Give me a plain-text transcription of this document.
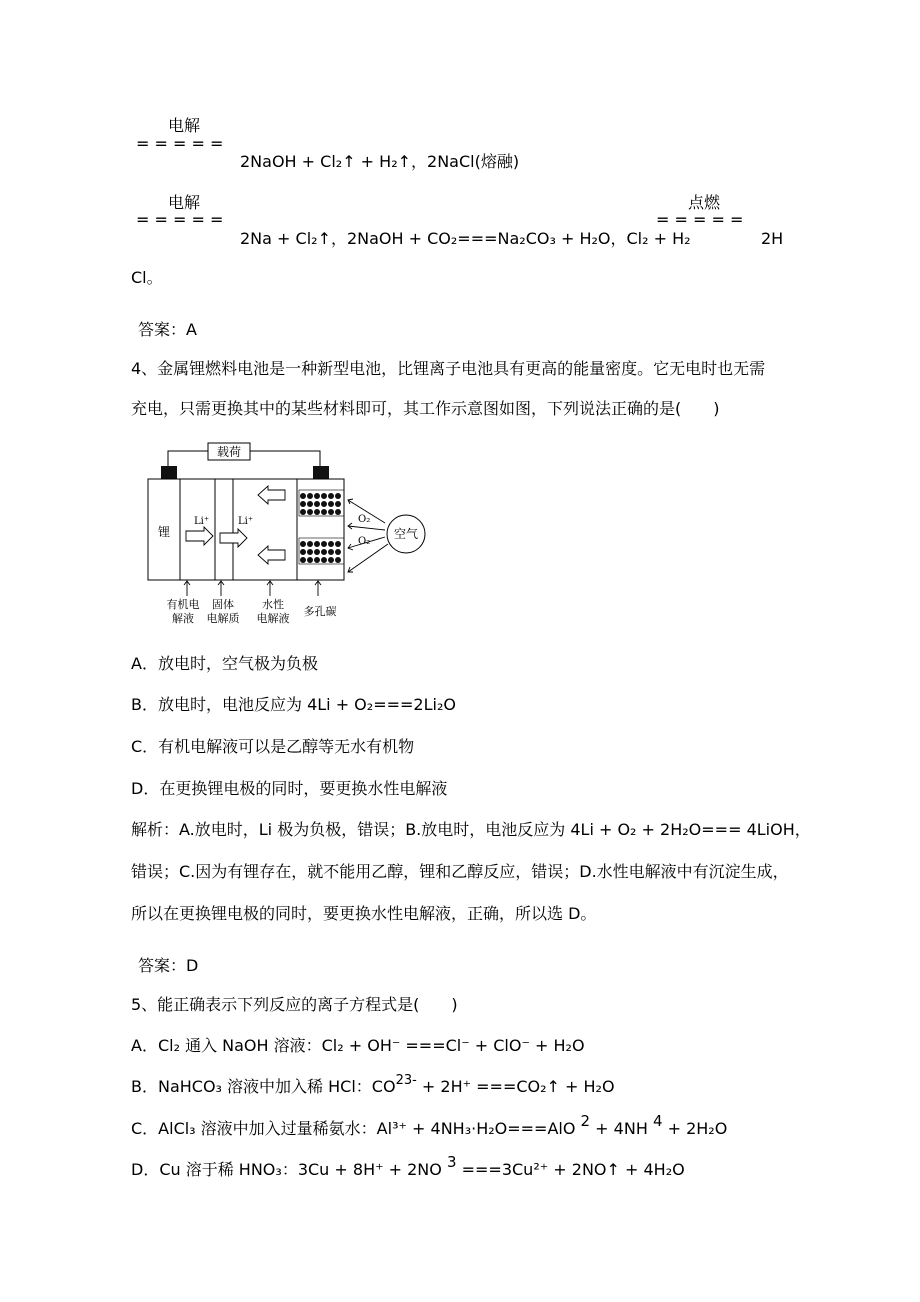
电解
= = = = =
2NaOH + Cl₂↑ + H₂↑，2NaCl(熔融)
电解
= = = = =
2Na + Cl₂↑，2NaOH + CO₂===Na₂CO₃ + H₂O，Cl₂ + H₂
点燃
= = = = =
2H
Cl。
答案：A
4、金属锂燃料电池是一种新型电池，比锂离子电池具有更高的能量密度。它无电时也无需
充电，只需更换其中的某些材料即可，其工作示意图如图，下列说法正确的是(　　)
载荷
锂
Li⁺	Li⁺	O₂
O₂
空气
有机电
解液
固体
电解质
水性
电解液
多孔碳
A．放电时，空气极为负极
B．放电时，电池反应为 4Li + O₂===2Li₂O
C．有机电解液可以是乙醇等无水有机物
D．在更换锂电极的同时，要更换水性电解液
解析：A.放电时，Li 极为负极，错误；B.放电时，电池反应为 4Li + O₂ + 2H₂O=== 4LiOH，
错误；C.因为有锂存在，就不能用乙醇，锂和乙醇反应，错误；D.水性电解液中有沉淀生成，
所以在更换锂电极的同时，要更换水性电解液，正确，所以选 D。
答案：D
5、能正确表示下列反应的离子方程式是(　　)
A．Cl₂ 通入 NaOH 溶液：Cl₂ + OH⁻ ===Cl⁻ + ClO⁻ + H₂O
B．NaHCO₃ 溶液中加入稀 HCl：$CO^{23-} + 2H^+$ ===CO₂↑ + H₂O
C．AlCl₃ 溶液中加入过量稀氨水：Al³⁺ + 4NH₃·H₂O===AlO 2 + 4NH 4 + 2H₂O
D．Cu 溶于稀 HNO₃：3Cu + 8H⁺ + 2NO 3 ===3Cu²⁺ + 2NO↑ + 4H₂O
